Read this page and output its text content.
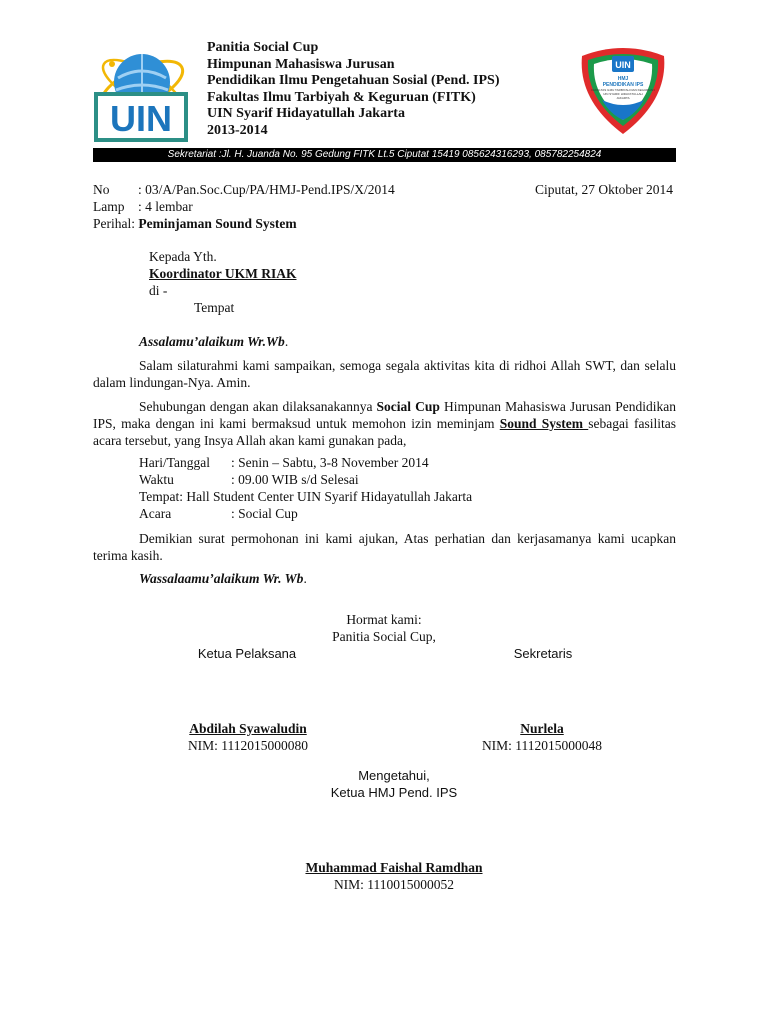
UIN
Panitia Social Cup
Himpunan Mahasiswa Jurusan
Pendidikan Ilmu Pengetahuan Sosial (Pend. IPS)
Fakultas Ilmu Tarbiyah & Keguruan (FITK)
UIN Syarif Hidayatullah Jakarta
2013-2014
UIN
HMJ
PENDIDIKAN IPS
FAKULTAS ILMU TARBIYAH DAN KEGURUAN
UIN SYARIF HIDAYATULLAH
JAKARTA
Sekretariat :Jl. H. Juanda No. 95 Gedung FITK Lt.5 Ciputat 15419 085624316293, 085782254824
No : 03/A/Pan.Soc.Cup/PA/HMJ-Pend.IPS/X/2014	Ciputat, 27 Oktober 2014
Lamp : 4 lembar
Perihal: Peminjaman Sound System
Kepada Yth.
Koordinator UKM RIAK
di -
Tempat
Assalamu’alaikum Wr.Wb.

Salam silaturahmi kami sampaikan, semoga segala aktivitas kita di ridhoi Allah SWT, dan selalu dalam lindungan-Nya. Amin.

Sehubungan dengan akan dilaksanakannya Social Cup Himpunan Mahasiswa Jurusan Pendidikan IPS, maka dengan ini kami bermaksud untuk memohon izin meminjam Sound System sebagai fasilitas acara tersebut, yang Insya Allah akan kami gunakan pada,

Hari/Tanggal : Senin – Sabtu, 3-8 November 2014
Waktu	: 09.00 WIB s/d Selesai
Tempat: Hall Student Center UIN Syarif Hidayatullah Jakarta
Acara	: Social Cup

Demikian surat permohonan ini kami ajukan, Atas perhatian dan kerjasamanya kami ucapkan terima kasih.

Wassalaamu’alaikum Wr. Wb.
Hormat kami:
Panitia Social Cup,
Ketua Pelaksana	Sekretaris
Abdilah Syawaludin
NIM: 1112015000080
Nurlela
NIM: 1112015000048
Mengetahui,
Ketua HMJ Pend. IPS
Muhammad Faishal Ramdhan
NIM: 1110015000052
